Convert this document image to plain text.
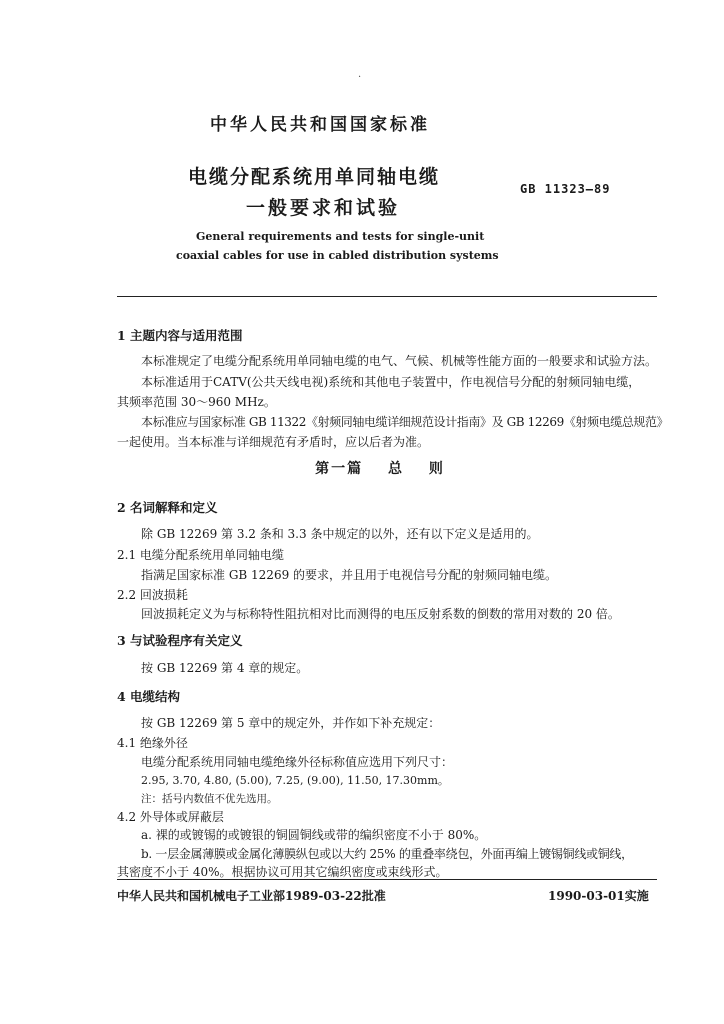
·
中华人民共和国国家标准
电缆分配系统用单同轴电缆
一般要求和试验
GB 11323—89
General requirements and tests for single-unit
coaxial cables for use in cabled distribution systems
1 主题内容与适用范围
本标准规定了电缆分配系统用单同轴电缆的电气、气候、机械等性能方面的一般要求和试验方法。
本标准适用于CATV(公共天线电视)系统和其他电子装置中，作电视信号分配的射频同轴电缆，
其频率范围 30～960 MHz。
本标准应与国家标准 GB 11322《射频同轴电缆详细规范设计指南》及 GB 12269《射频电缆总规范》
一起使用。当本标准与详细规范有矛盾时，应以后者为准。
第一篇 总 则
2 名词解释和定义
除 GB 12269 第 3.2 条和 3.3 条中规定的以外，还有以下定义是适用的。
2.1 电缆分配系统用单同轴电缆
指满足国家标准 GB 12269 的要求，并且用于电视信号分配的射频同轴电缆。
2.2 回波损耗
回波损耗定义为与标称特性阻抗相对比而测得的电压反射系数的倒数的常用对数的 20 倍。
3 与试验程序有关定义
按 GB 12269 第 4 章的规定。
4 电缆结构
按 GB 12269 第 5 章中的规定外，并作如下补充规定：
4.1 绝缘外径
电缆分配系统用同轴电缆绝缘外径标称值应选用下列尺寸：
2.95, 3.70, 4.80, (5.00), 7.25, (9.00), 11.50, 17.30mm。
注：括号内数值不优先选用。
4.2 外导体或屏蔽层
a. 裸的或镀锡的或镀银的铜圆铜线或带的编织密度不小于 80%。
b. 一层金属薄膜或金属化薄膜纵包或以大约 25% 的重叠率绕包，外面再编上镀锡铜线或铜线，
其密度不小于 40%。根据协议可用其它编织密度或束线形式。
中华人民共和国机械电子工业部1989-03-22批准	1990-03-01实施
